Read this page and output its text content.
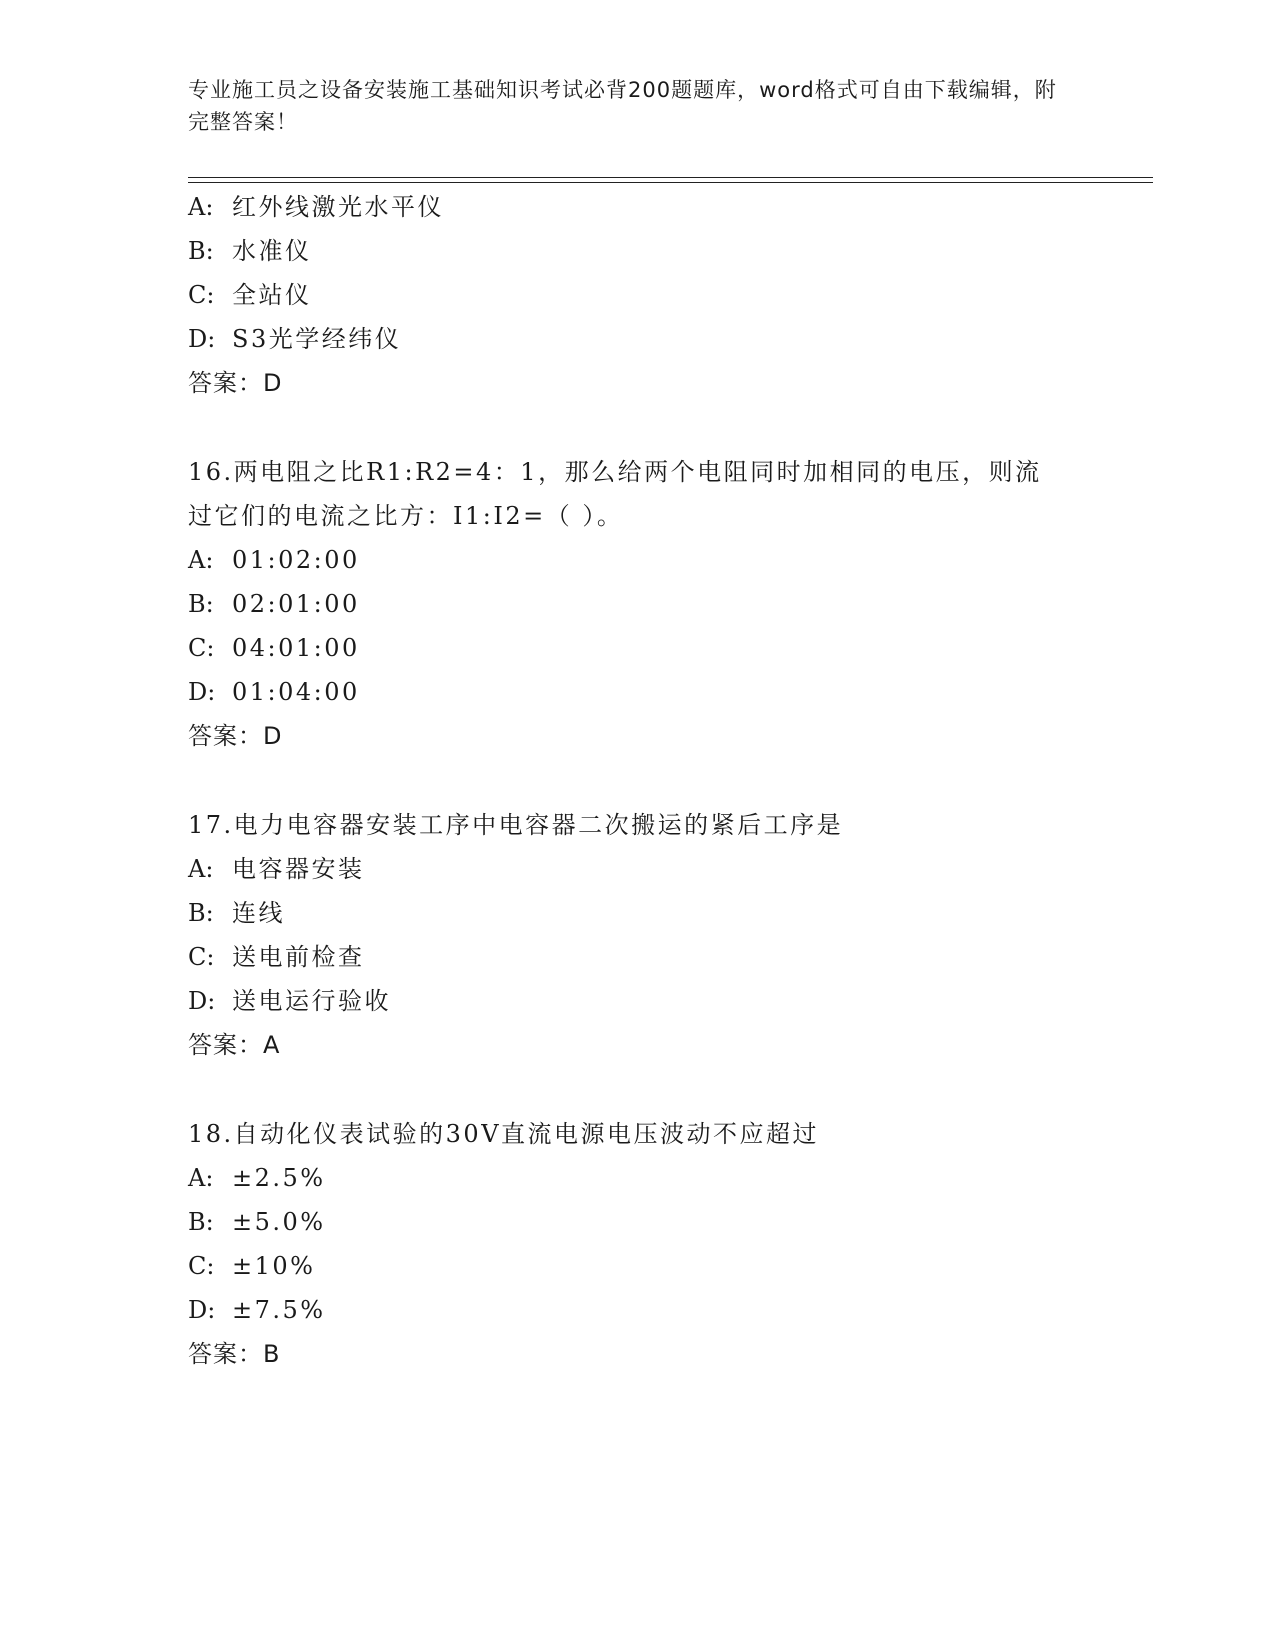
专业施工员之设备安装施工基础知识考试必背200题题库，word格式可自由下载编辑，附完整答案！
A: 红外线激光水平仪
B: 水准仪
C: 全站仪
D: S3光学经纬仪
答案：D
16.两电阻之比R1:R2=4：1，那么给两个电阻同时加相同的电压，则流
过它们的电流之比方：I1:I2=（ ）。
A: 01:02:00
B: 02:01:00
C: 04:01:00
D: 01:04:00
答案：D
17.电力电容器安装工序中电容器二次搬运的紧后工序是
A: 电容器安装
B: 连线
C: 送电前检查
D: 送电运行验收
答案：A
18.自动化仪表试验的30V直流电源电压波动不应超过
A: ±2.5%
B: ±5.0%
C: ±10%
D: ±7.5%
答案：B
